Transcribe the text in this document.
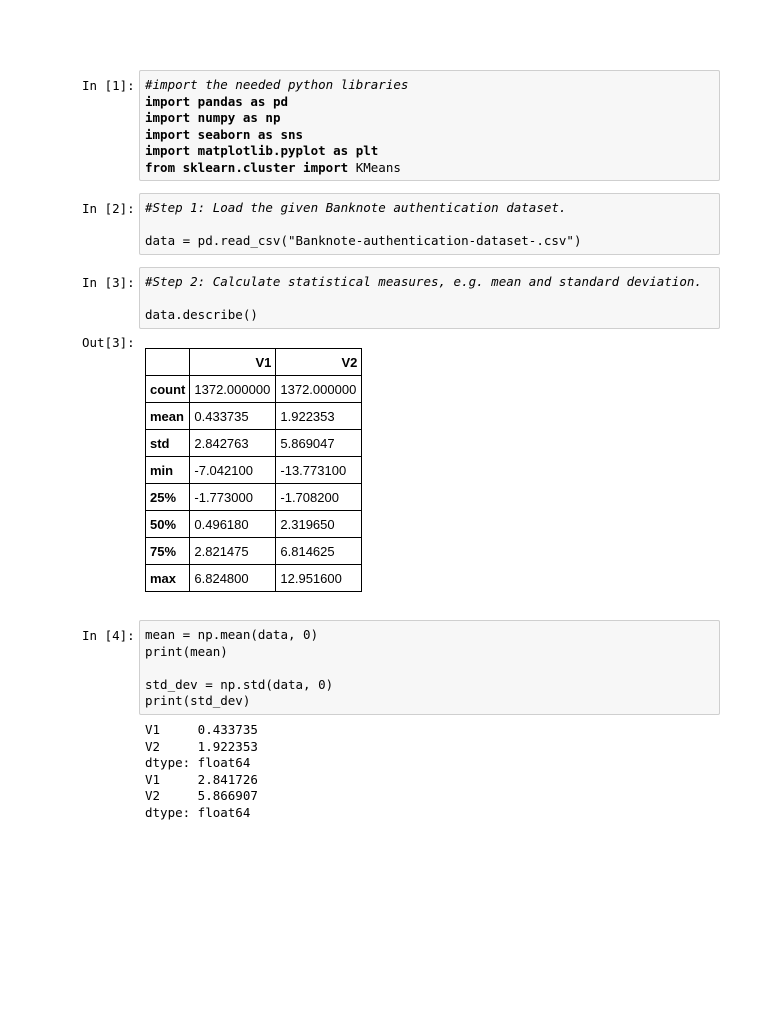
In [1]: #import the needed python libraries
import pandas as pd
import numpy as np
import seaborn as sns
import matplotlib.pyplot as plt
from sklearn.cluster import KMeans
In [2]: #Step 1: Load the given Banknote authentication dataset.
data = pd.read_csv("Banknote-authentication-dataset-.csv")
In [3]: #Step 2: Calculate statistical measures, e.g. mean and standard deviation.
data.describe()
Out[3]:
	V1	V2
count	1372.000000	1372.000000
mean	0.433735	1.922353
std	2.842763	5.869047
min	-7.042100	-13.773100
25%	-1.773000	-1.708200
50%	0.496180	2.319650
75%	2.821475	6.814625
max	6.824800	12.951600
In [4]: mean = np.mean(data, 0)
print(mean)
std_dev = np.std(data, 0)
print(std_dev)
V1     0.433735
V2     1.922353
dtype: float64
V1     2.841726
V2     5.866907
dtype: float64
